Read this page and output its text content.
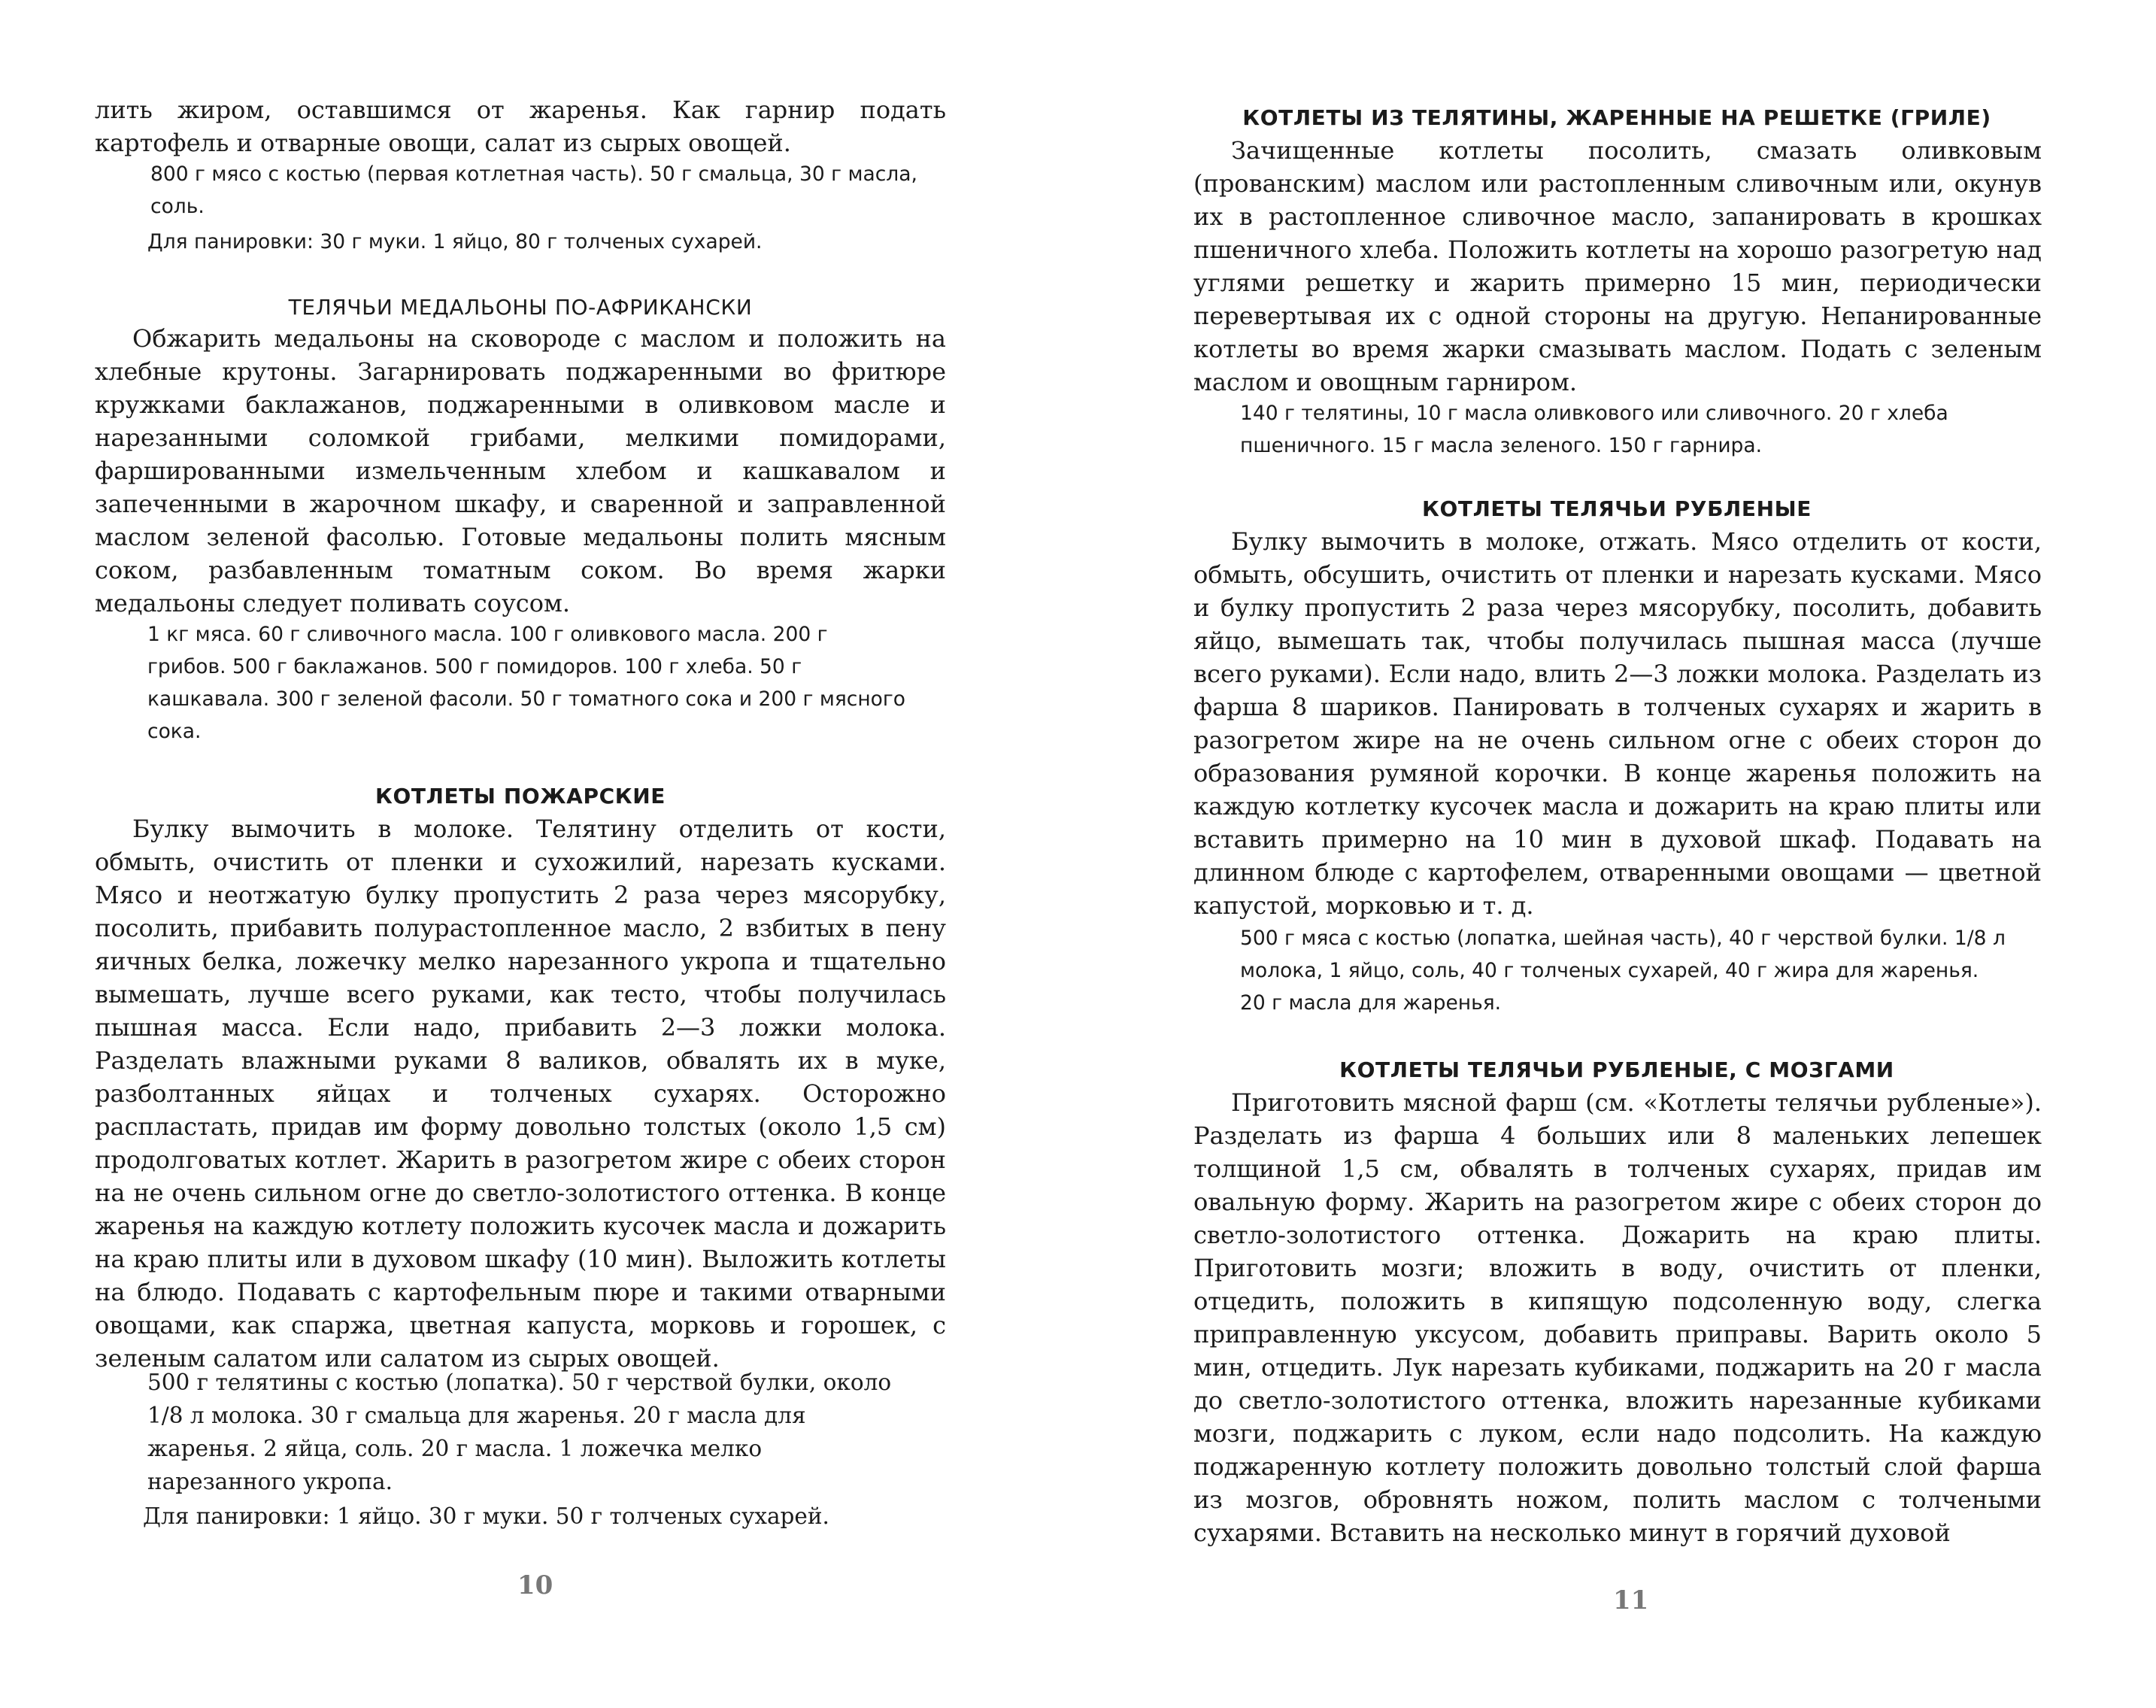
лить жиром, оставшимся от жаренья. Как гарнир подать картофель и отварные овощи, салат из сырых овощей.

800 г мясо с костью (первая котлетная часть). 50 г смальца, 30 г масла, соль.

Для панировки: 30 г муки. 1 яйцо, 80 г толченых сухарей.

ТЕЛЯЧЬИ МЕДАЛЬОНЫ ПО-АФРИКАНСКИ

Обжарить медальоны на сковороде с маслом и положить на хлебные крутоны. Загарнировать поджаренными во фритюре кружками баклажанов, поджаренными в оливковом масле и нарезанными соломкой грибами, мелкими помидорами, фаршированными измельченным хлебом и кашкавалом и запеченными в жарочном шкафу, и сваренной и заправленной маслом зеленой фасолью. Готовые медальоны полить мясным соком, разбавленным томатным соком. Во время жарки медальоны следует поливать соусом.

1 кг мяса. 60 г сливочного масла. 100 г оливкового масла. 200 г грибов. 500 г баклажанов. 500 г помидоров. 100 г хлеба. 50 г кашкавала. 300 г зеленой фасоли. 50 г томатного сока и 200 г мясного сока.

КОТЛЕТЫ ПОЖАРСКИЕ

Булку вымочить в молоке. Телятину отделить от кости, обмыть, очистить от пленки и сухожилий, нарезать кусками. Мясо и неотжатую булку пропустить 2 раза через мясорубку, посолить, прибавить полурастопленное масло, 2 взбитых в пену яичных белка, ложечку мелко нарезанного укропа и тщательно вымешать, лучше всего руками, как тесто, чтобы получилась пышная масса. Если надо, прибавить 2—3 ложки молока. Разделать влажными руками 8 валиков, обвалять их в муке, разболтанных яйцах и толченых сухарях. Осторожно распластать, придав им форму довольно толстых (около 1,5 см) продолговатых котлет. Жарить в разогретом жире с обеих сторон на не очень сильном огне до светло-золотистого оттенка. В конце жаренья на каждую котлету положить кусочек масла и дожарить на краю плиты или в духовом шкафу (10 мин). Выложить котлеты на блюдо. Подавать с картофельным пюре и такими отварными овощами, как спаржа, цветная капуста, морковь и горошек, с зеленым салатом или салатом из сырых овощей.

500 г телятины с костью (лопатка). 50 г черствой булки, около 1/8 л молока. 30 г смальца для жаренья. 20 г масла для жаренья. 2 яйца, соль. 20 г масла. 1 ложечка мелко нарезанного укропа.

Для панировки: 1 яйцо. 30 г муки. 50 г толченых сухарей.

10

КОТЛЕТЫ ИЗ ТЕЛЯТИНЫ, ЖАРЕННЫЕ НА РЕШЕТКЕ (ГРИЛЕ)

Зачищенные котлеты посолить, смазать оливковым (прованским) маслом или растопленным сливочным или, окунув их в растопленное сливочное масло, запанировать в крошках пшеничного хлеба. Положить котлеты на хорошо разогретую над углями решетку и жарить примерно 15 мин, периодически перевертывая их с одной стороны на другую. Непанированные котлеты во время жарки смазывать маслом. Подать с зеленым маслом и овощным гарниром.

140 г телятины, 10 г масла оливкового или сливочного. 20 г хлеба пшеничного. 15 г масла зеленого. 150 г гарнира.

КОТЛЕТЫ ТЕЛЯЧЬИ РУБЛЕНЫЕ

Булку вымочить в молоке, отжать. Мясо отделить от кости, обмыть, обсушить, очистить от пленки и нарезать кусками. Мясо и булку пропустить 2 раза через мясорубку, посолить, добавить яйцо, вымешать так, чтобы получилась пышная масса (лучше всего руками). Если надо, влить 2—3 ложки молока. Разделать из фарша 8 шариков. Панировать в толченых сухарях и жарить в разогретом жире на не очень сильном огне с обеих сторон до образования румяной корочки. В конце жаренья положить на каждую котлетку кусочек масла и дожарить на краю плиты или вставить примерно на 10 мин в духовой шкаф. Подавать на длинном блюде с картофелем, отваренными овощами — цветной капустой, морковью и т. д.

500 г мяса с костью (лопатка, шейная часть), 40 г черствой булки. 1/8 л молока, 1 яйцо, соль, 40 г толченых сухарей, 40 г жира для жаренья. 20 г масла для жаренья.

КОТЛЕТЫ ТЕЛЯЧЬИ РУБЛЕНЫЕ, С МОЗГАМИ

Приготовить мясной фарш (см. «Котлеты телячьи рубленые»). Разделать из фарша 4 больших или 8 маленьких лепешек толщиной 1,5 см, обвалять в толченых сухарях, придав им овальную форму. Жарить на разогретом жире с обеих сторон до светло-золотистого оттенка. Дожарить на краю плиты. Приготовить мозги; вложить в воду, очистить от пленки, отцедить, положить в кипящую подсоленную воду, слегка приправленную уксусом, добавить приправы. Варить около 5 мин, отцедить. Лук нарезать кубиками, поджарить на 20 г масла до светло-золотистого оттенка, вложить нарезанные кубиками мозги, поджарить с луком, если надо подсолить. На каждую поджаренную котлету положить довольно толстый слой фарша из мозгов, обровнять ножом, полить маслом с толчеными сухарями. Вставить на несколько минут в горячий духовой

11
